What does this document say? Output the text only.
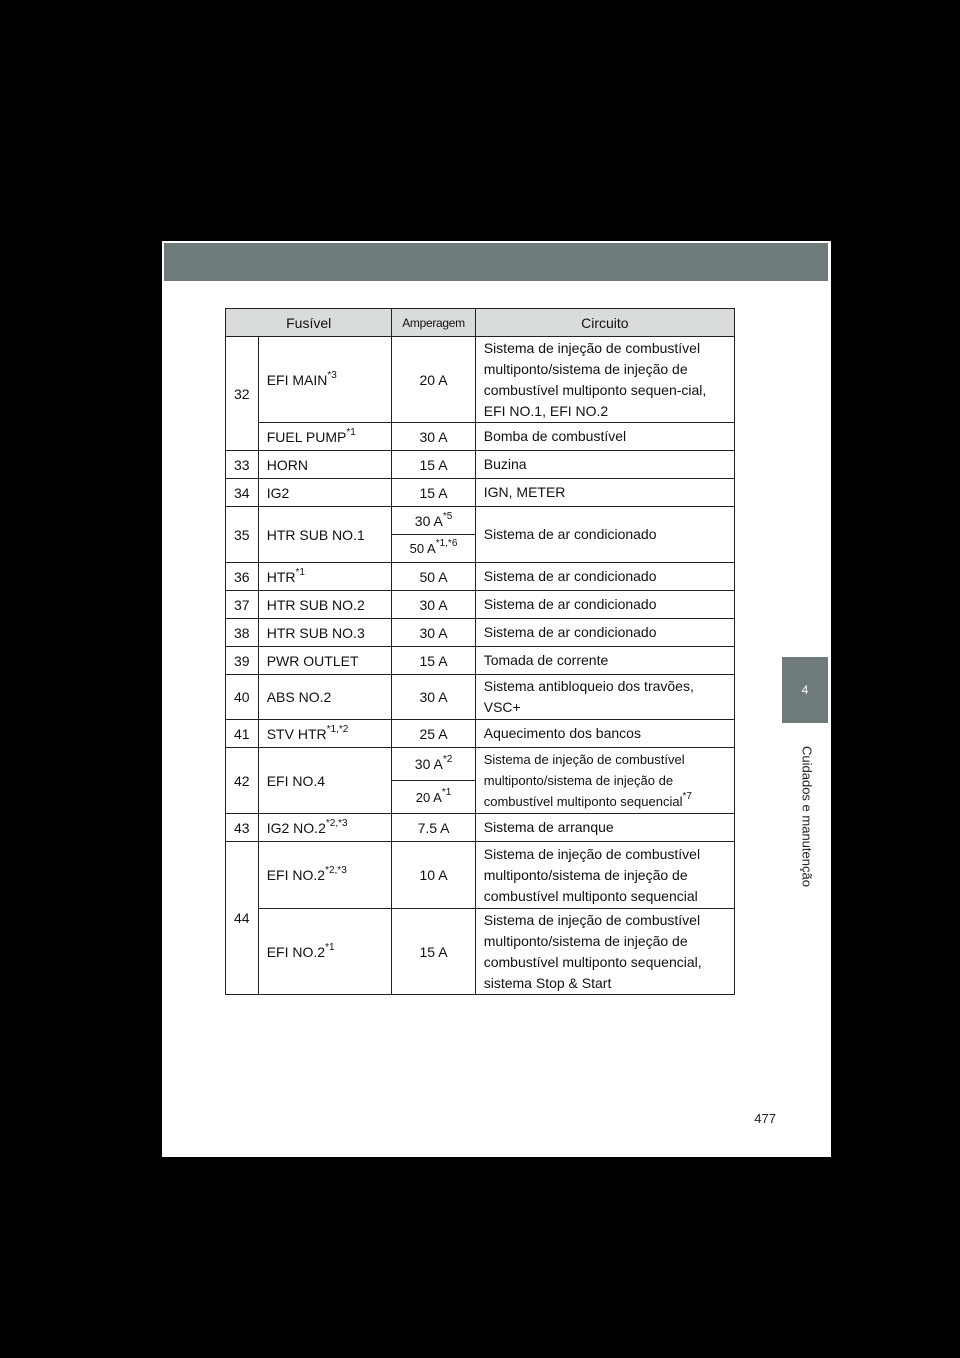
4
Cuidados e manutenção
477
Fusível		Amperagem	Circuito
32	EFI MAIN$^{*3}$	20 A	Sistema de injeção de combustível multiponto/sistema de injeção de combustível multiponto sequen-cial, EFI NO.1, EFI NO.2
	FUEL PUMP$^{*1}$	30 A	Bomba de combustível
33	HORN	15 A	Buzina
34	IG2	15 A	IGN, METER
35	HTR SUB NO.1	30 $A^{*5}$	Sistema de ar condicionado
		50 $A^{*1,*6}$
36	HTR$^{*1}$	50 A	Sistema de ar condicionado
37	HTR SUB NO.2	30 A	Sistema de ar condicionado
38	HTR SUB NO.3	30 A	Sistema de ar condicionado
39	PWR OUTLET	15 A	Tomada de corrente
40	ABS NO.2	30 A	Sistema antibloqueio dos travões, VSC+
41	STV $HTR^{*1,*2}$	25 A	Aquecimento dos bancos
42	EFI NO.4	30 $A^{*2}$	Sistema de injeção de combustível multiponto/sistema de injeção de combustível multiponto sequencial$^{*7}$
		20 $A^{*1}$
43	IG2 $NO.2^{*2,*3}$	7.5 A	Sistema de arranque
44	EFI $NO.2^{*2,*3}$	10 A	Sistema de injeção de combustível multiponto/sistema de injeção de combustível multiponto sequencial
	EFI NO.2$^{*1}$	15 A	Sistema de injeção de combustível multiponto/sistema de injeção de combustível multiponto sequencial, sistema Stop & Start
